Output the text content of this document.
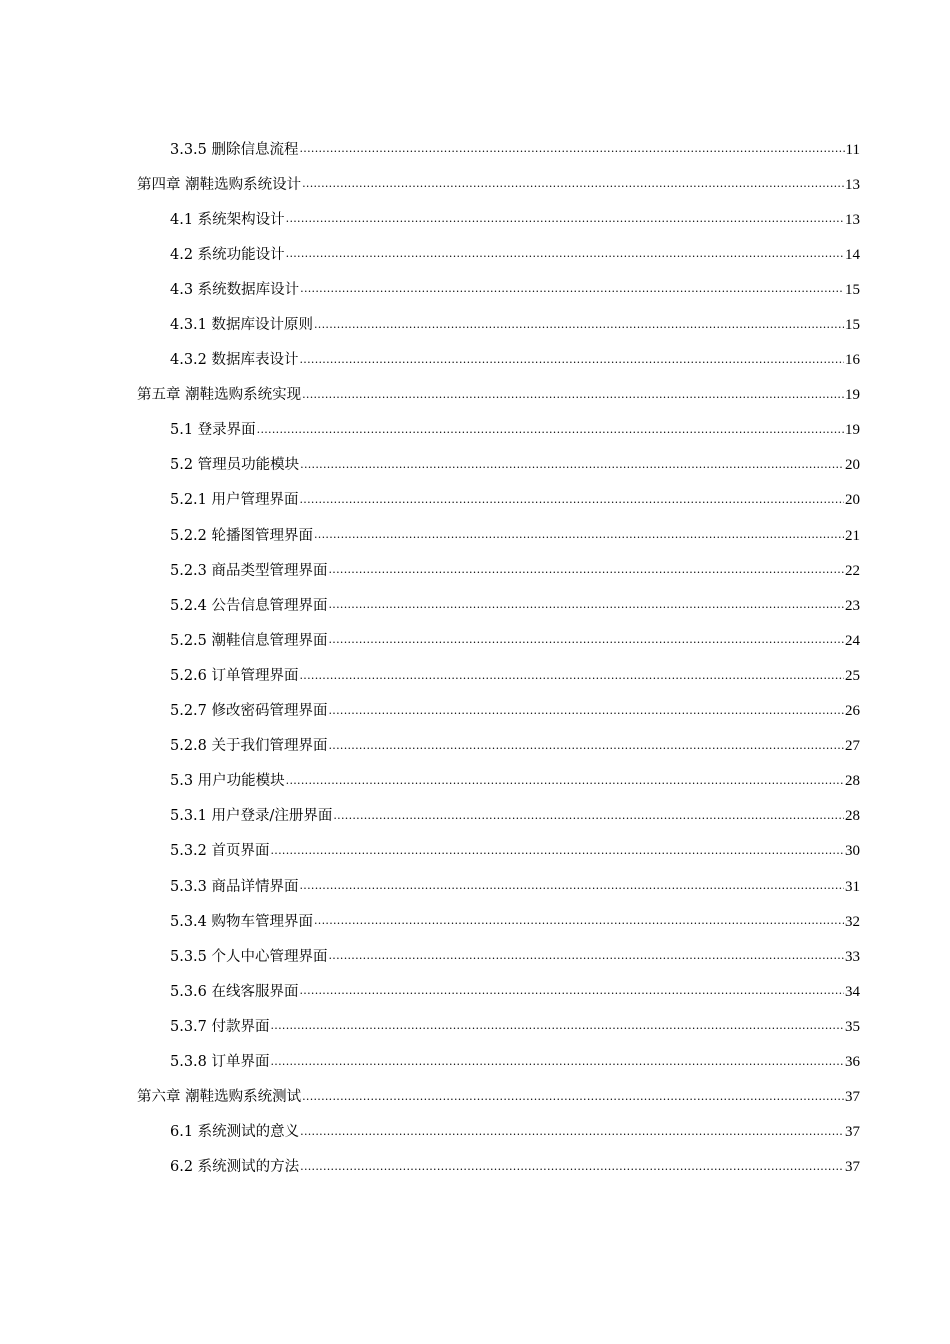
3.3.5 删除信息流程 .....	11
第四章 潮鞋选购系统设计 .....	13
4.1 系统架构设计 .....	13
4.2 系统功能设计 .....	14
4.3 系统数据库设计 .....	15
4.3.1 数据库设计原则 .....	15
4.3.2 数据库表设计 .....	16
第五章 潮鞋选购系统实现 .....	19
5.1 登录界面 .....	19
5.2 管理员功能模块 .....	20
5.2.1 用户管理界面 .....	20
5.2.2 轮播图管理界面 .....	21
5.2.3 商品类型管理界面 .....	22
5.2.4 公告信息管理界面 .....	23
5.2.5 潮鞋信息管理界面 .....	24
5.2.6 订单管理界面 .....	25
5.2.7 修改密码管理界面 .....	26
5.2.8 关于我们管理界面 .....	27
5.3 用户功能模块 .....	28
5.3.1 用户登录/注册界面 .....	28
5.3.2 首页界面 .....	30
5.3.3 商品详情界面 .....	31
5.3.4 购物车管理界面 .....	32
5.3.5 个人中心管理界面 .....	33
5.3.6 在线客服界面 .....	34
5.3.7 付款界面 .....	35
5.3.8 订单界面 .....	36
第六章 潮鞋选购系统测试 .....	37
6.1 系统测试的意义 .....	37
6.2 系统测试的方法 .....	37
